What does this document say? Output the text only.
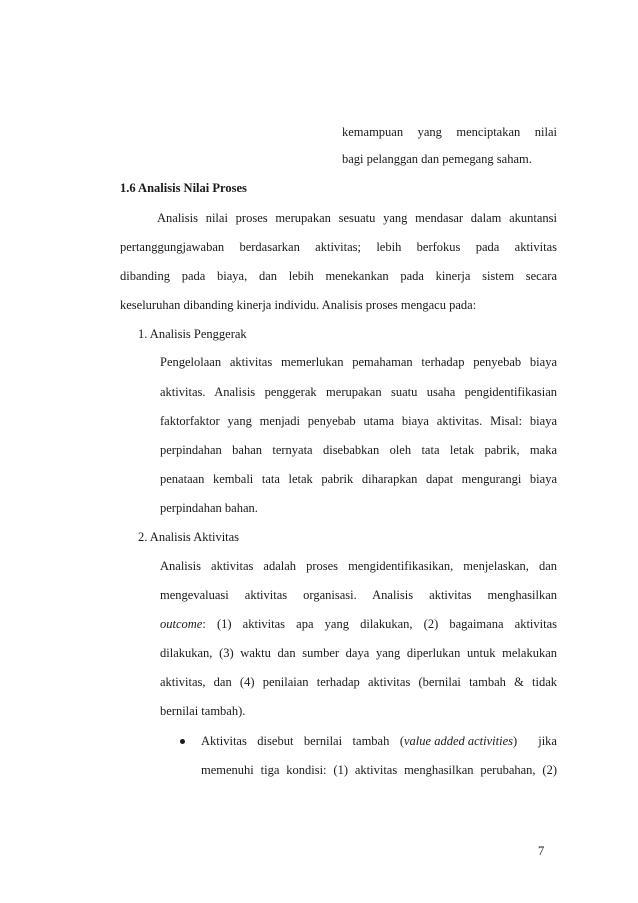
kemampuan yang menciptakan nilai
bagi pelanggan dan pemegang saham.
1.6 Analisis Nilai Proses
Analisis nilai proses merupakan sesuatu yang mendasar dalam akuntansi
pertanggungjawaban berdasarkan aktivitas; lebih berfokus pada aktivitas
dibanding pada biaya, dan lebih menekankan pada kinerja sistem secara
keseluruhan dibanding kinerja individu. Analisis proses mengacu pada:
1. Analisis Penggerak
Pengelolaan aktivitas memerlukan pemahaman terhadap penyebab biaya
aktivitas. Analisis penggerak merupakan suatu usaha pengidentifikasian
faktorfaktor yang menjadi penyebab utama biaya aktivitas. Misal: biaya
perpindahan bahan ternyata disebabkan oleh tata letak pabrik, maka
penataan kembali tata letak pabrik diharapkan dapat mengurangi biaya
perpindahan bahan.
2. Analisis Aktivitas
Analisis aktivitas adalah proses mengidentifikasikan, menjelaskan, dan
mengevaluasi aktivitas organisasi. Analisis aktivitas menghasilkan
outcome : (1) aktivitas apa yang dilakukan, (2) bagaimana aktivitas
dilakukan, (3) waktu dan sumber daya yang diperlukan untuk melakukan
aktivitas, dan (4) penilaian terhadap aktivitas (bernilai tambah & tidak
bernilai tambah).
Aktivitas disebut bernilai tambah ( value added activities ) jika
memenuhi tiga kondisi: (1) aktivitas menghasilkan perubahan, (2)
7
